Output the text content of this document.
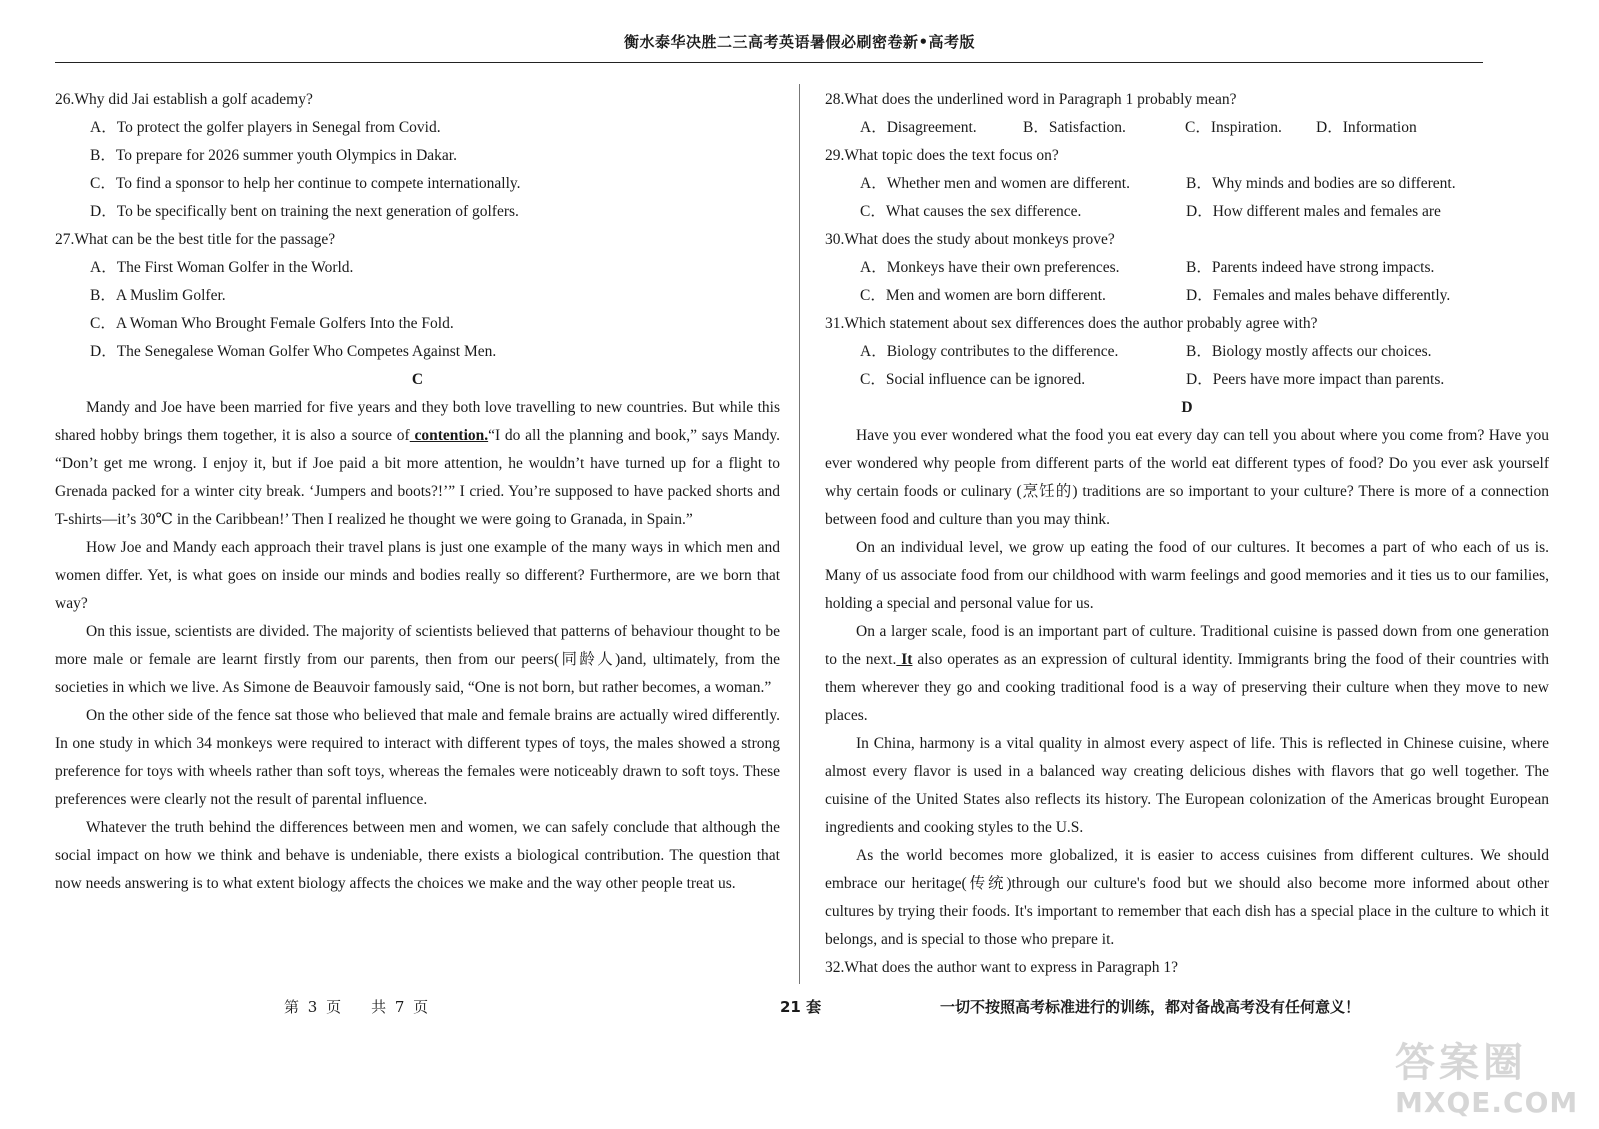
衡水泰华决胜二三高考英语暑假必刷密卷新•高考版
26.Why did Jai establish a golf academy?
A．To protect the golfer players in Senegal from Covid.
B．To prepare for 2026 summer youth Olympics in Dakar.
C．To find a sponsor to help her continue to compete internationally.
D．To be specifically bent on training the next generation of golfers.
27.What can be the best title for the passage?
A．The First Woman Golfer in the World.
B．A Muslim Golfer.
C．A Woman Who Brought Female Golfers Into the Fold.
D．The Senegalese Woman Golfer Who Competes Against Men.
C

Mandy and Joe have been married for five years and they both love travelling to new countries. But while this shared hobby brings them together, it is also a source of contention.“I do all the planning and book,” says Mandy. “Don’t get me wrong. I enjoy it, but if Joe paid a bit more attention, he wouldn’t have turned up for a flight to Grenada packed for a winter city break. ‘Jumpers and boots?!’” I cried. You’re supposed to have packed shorts and T-shirts—it’s 30℃ in the Caribbean!’ Then I realized he thought we were going to Granada, in Spain.”

How Joe and Mandy each approach their travel plans is just one example of the many ways in which men and women differ. Yet, is what goes on inside our minds and bodies really so different? Furthermore, are we born that way?

On this issue, scientists are divided. The majority of scientists believed that patterns of behaviour thought to be more male or female are learnt firstly from our parents, then from our peers(同龄人)and, ultimately, from the societies in which we live. As Simone de Beauvoir famously said, “One is not born, but rather becomes, a woman.”

On the other side of the fence sat those who believed that male and female brains are actually wired differently. In one study in which 34 monkeys were required to interact with different types of toys, the males showed a strong preference for toys with wheels rather than soft toys, whereas the females were noticeably drawn to soft toys. These preferences were clearly not the result of parental influence.

Whatever the truth behind the differences between men and women, we can safely conclude that although the social impact on how we think and behave is undeniable, there exists a biological contribution. The question that now needs answering is to what extent biology affects the choices we make and the way other people treat us.

28.What does the underlined word in Paragraph 1 probably mean?
A．Disagreement.	B．Satisfaction.	C．Inspiration.	D．Information
29.What topic does the text focus on?
A．Whether men and women are different.	B．Why minds and bodies are so different.
C．What causes the sex difference.	D．How different males and females are
30.What does the study about monkeys prove?
A．Monkeys have their own preferences.	B．Parents indeed have strong impacts.
C．Men and women are born different.	D．Females and males behave differently.
31.Which statement about sex differences does the author probably agree with?
A．Biology contributes to the difference.	B．Biology mostly affects our choices.
C．Social influence can be ignored.	D．Peers have more impact than parents.
D

Have you ever wondered what the food you eat every day can tell you about where you come from? Have you ever wondered why people from different parts of the world eat different types of food? Do you ever ask yourself why certain foods or culinary (烹饪的) traditions are so important to your culture? There is more of a connection between food and culture than you may think.

On an individual level, we grow up eating the food of our cultures. It becomes a part of who each of us is. Many of us associate food from our childhood with warm feelings and good memories and it ties us to our families, holding a special and personal value for us.

On a larger scale, food is an important part of culture. Traditional cuisine is passed down from one generation to the next. It also operates as an expression of cultural identity. Immigrants bring the food of their countries with them wherever they go and cooking traditional food is a way of preserving their culture when they move to new places.

In China, harmony is a vital quality in almost every aspect of life. This is reflected in Chinese cuisine, where almost every flavor is used in a balanced way creating delicious dishes with flavors that go well together. The cuisine of the United States also reflects its history. The European colonization of the Americas brought European ingredients and cooking styles to the U.S.

As the world becomes more globalized, it is easier to access cuisines from different cultures. We should embrace our heritage(传统)through our culture's food but we should also become more informed about other cultures by trying their foods. It's important to remember that each dish has a special place in the culture to which it belongs, and is special to those who prepare it.

32.What does the author want to express in Paragraph 1?
第 3 页　　共 7 页	21 套	一切不按照高考标准进行的训练，都对备战高考没有任何意义！
答案圈
MXQE.COM
